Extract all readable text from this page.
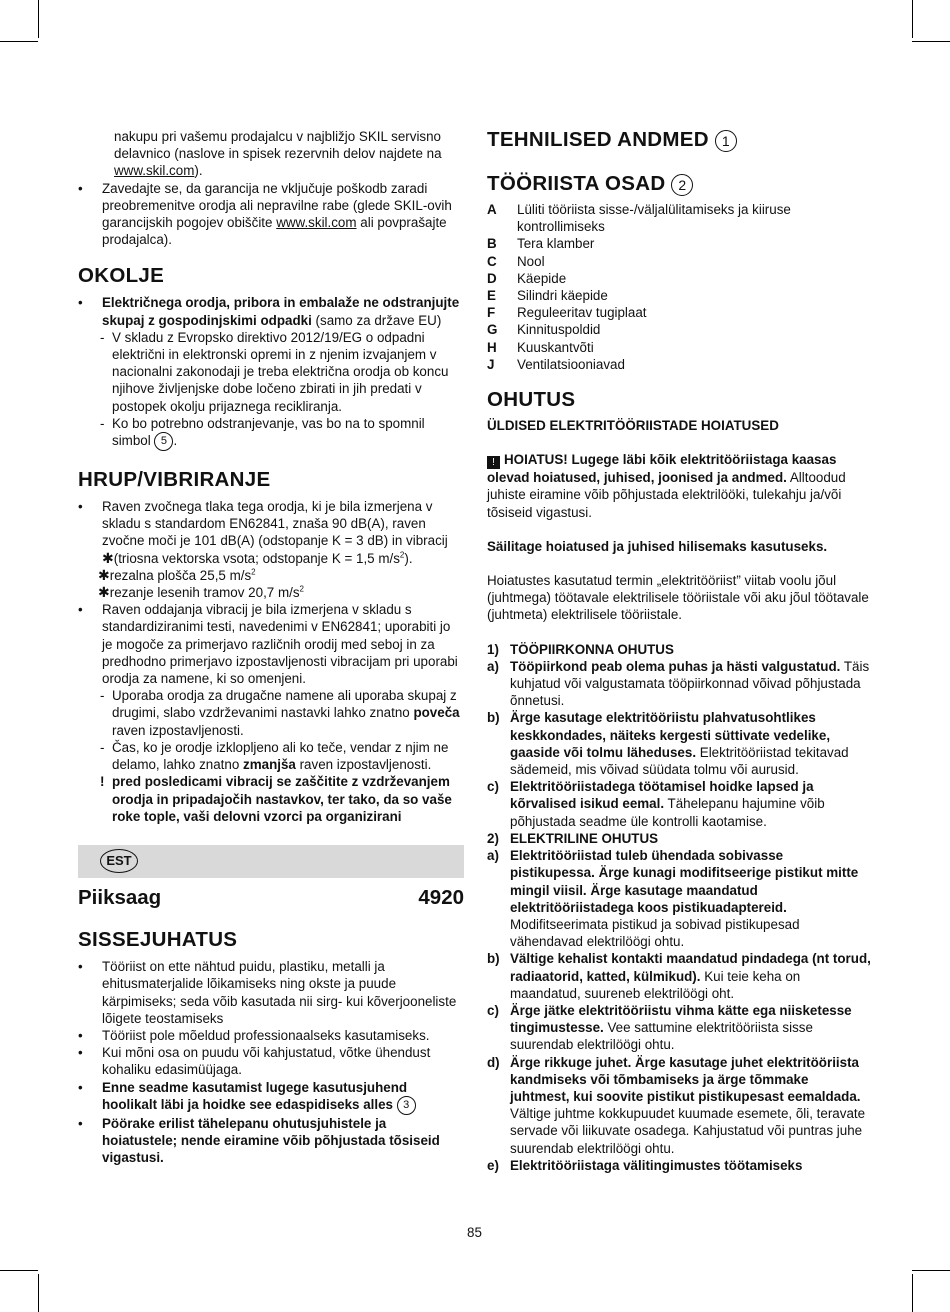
nakupu pri vašemu prodajalcu v najbližjo SKIL servisno delavnico (naslove in spisek rezervnih delov najdete na www.skil.com).

• Zavedajte se, da garancija ne vključuje poškodb zaradi preobremenitve orodja ali nepravilne rabe (glede SKIL-ovih garancijskih pogojev obiščite www.skil.com ali povprašajte prodajalca).

OKOLJE

• Električnega orodja, pribora in embalaže ne odstranjujte skupaj z gospodinjskimi odpadki (samo za države EU)

- V skladu z Evropsko direktivo 2012/19/EG o odpadni električni in elektronski opremi in z njenim izvajanjem v nacionalni zakonodaji je treba električna orodja ob koncu njihove življenjske dobe ločeno zbirati in jih predati v postopek okolju prijaznega recikliranja.

- Ko bo potrebno odstranjevanje, vas bo na to spomnil simbol 5 .

HRUP/VIBRIRANJE

• Raven zvočnega tlaka tega orodja, ki je bila izmerjena v skladu s standardom EN62841, znaša 90 dB(A), raven zvočne moči je 101 dB(A) (odstopanje K = 3 dB) in vibracij ✱(triosna vektorska vsota; odstopanje K = 1,5 $m/s^2$).

✱rezalna plošča 25,5 $m/s^2$

✱rezanje lesenih tramov 20,7 $m/s^2$

• Raven oddajanja vibracij je bila izmerjena v skladu s standardiziranimi testi, navedenimi v EN62841; uporabiti jo je mogoče za primerjavo različnih orodij med seboj in za predhodno primerjavo izpostavljenosti vibracijam pri uporabi orodja za namene, ki so omenjeni.

- Uporaba orodja za drugačne namene ali uporaba skupaj z drugimi, slabo vzdrževanimi nastavki lahko znatno poveča raven izpostavljenosti.

- Čas, ko je orodje izklopljeno ali ko teče, vendar z njim ne delamo, lahko znatno zmanjša raven izpostavljenosti.

! pred posledicami vibracij se zaščitite z vzdrževanjem orodja in pripadajočih nastavkov, ter tako, da so vaše roke tople, vaši delovni vzorci pa organizirani

EST
Piiksaag	4920
SISSEJUHATUS

• Tööriist on ette nähtud puidu, plastiku, metalli ja ehitusmaterjalide lõikamiseks ning okste ja puude kärpimiseks; seda võib kasutada nii sirg- kui kõverjooneliste lõigete teostamiseks

• Tööriist pole mõeldud professionaalseks kasutamiseks.

• Kui mõni osa on puudu või kahjustatud, võtke ühendust kohaliku edasimüüjaga.

• Enne seadme kasutamist lugege kasutusjuhend hoolikalt läbi ja hoidke see edaspidiseks alles 3

• Pöörake erilist tähelepanu ohutusjuhistele ja hoiatustele; nende eiramine võib põhjustada tõsiseid vigastusi.

TEHNILISED ANDMED 1
TÖÖRIISTA OSAD 2
A	Lüliti tööriista sisse-/väljalülitamiseks ja kiiruse kontrollimiseks
B	Tera klamber
C	Nool
D	Käepide
E	Silindri käepide
F	Reguleeritav tugiplaat
G	Kinnituspoldid
H	Kuuskantvõti
J	Ventilatsiooniavad
OHUTUS

ÜLDISED ELEKTRITÖÖRIISTADE HOIATUSED

! HOIATUS! Lugege läbi kõik elektritööriistaga kaasas olevad hoiatused, juhised, joonised ja andmed. Alltoodud juhiste eiramine võib põhjustada elektrilööki, tulekahju ja/või tõsiseid vigastusi.

Säilitage hoiatused ja juhised hilisemaks kasutuseks.

Hoiatustes kasutatud termin „elektritööriist” viitab voolu jõul (juhtmega) töötavale elektrilisele tööriistale või aku jõul töötavale (juhtmeta) elektrilisele tööriistale.

1) TÖÖPIIRKONNA OHUTUS

a) Tööpiirkond peab olema puhas ja hästi valgustatud. Täis kuhjatud või valgustamata tööpiirkonnad võivad põhjustada õnnetusi.

b) Ärge kasutage elektritööriistu plahvatusohtlikes keskkondades, näiteks kergesti süttivate vedelike, gaaside või tolmu läheduses. Elektritööriistad tekitavad sädemeid, mis võivad süüdata tolmu või aurusid.

c) Elektritööriistadega töötamisel hoidke lapsed ja kõrvalised isikud eemal. Tähelepanu hajumine võib põhjustada seadme üle kontrolli kaotamise.

2) ELEKTRILINE OHUTUS

a) Elektritööriistad tuleb ühendada sobivasse pistikupessa. Ärge kunagi modifitseerige pistikut mitte mingil viisil. Ärge kasutage maandatud elektritööriistadega koos pistikuadaptereid. Modifitseerimata pistikud ja sobivad pistikupesad vähendavad elektrilöögi ohtu.

b) Vältige kehalist kontakti maandatud pindadega (nt torud, radiaatorid, katted, külmikud). Kui teie keha on maandatud, suureneb elektrilöögi oht.

c) Ärge jätke elektritööriistu vihma kätte ega niisketesse tingimustesse. Vee sattumine elektritööriista sisse suurendab elektrilöögi ohtu.

d) Ärge rikkuge juhet. Ärge kasutage juhet elektritööriista kandmiseks või tõmbamiseks ja ärge tõmmake juhtmest, kui soovite pistikut pistikupesast eemaldada. Vältige juhtme kokkupuudet kuumade esemete, õli, teravate servade või liikuvate osadega. Kahjustatud või puntras juhe suurendab elektrilöögi ohtu.

e) Elektritööriistaga välitingimustes töötamiseks

85
